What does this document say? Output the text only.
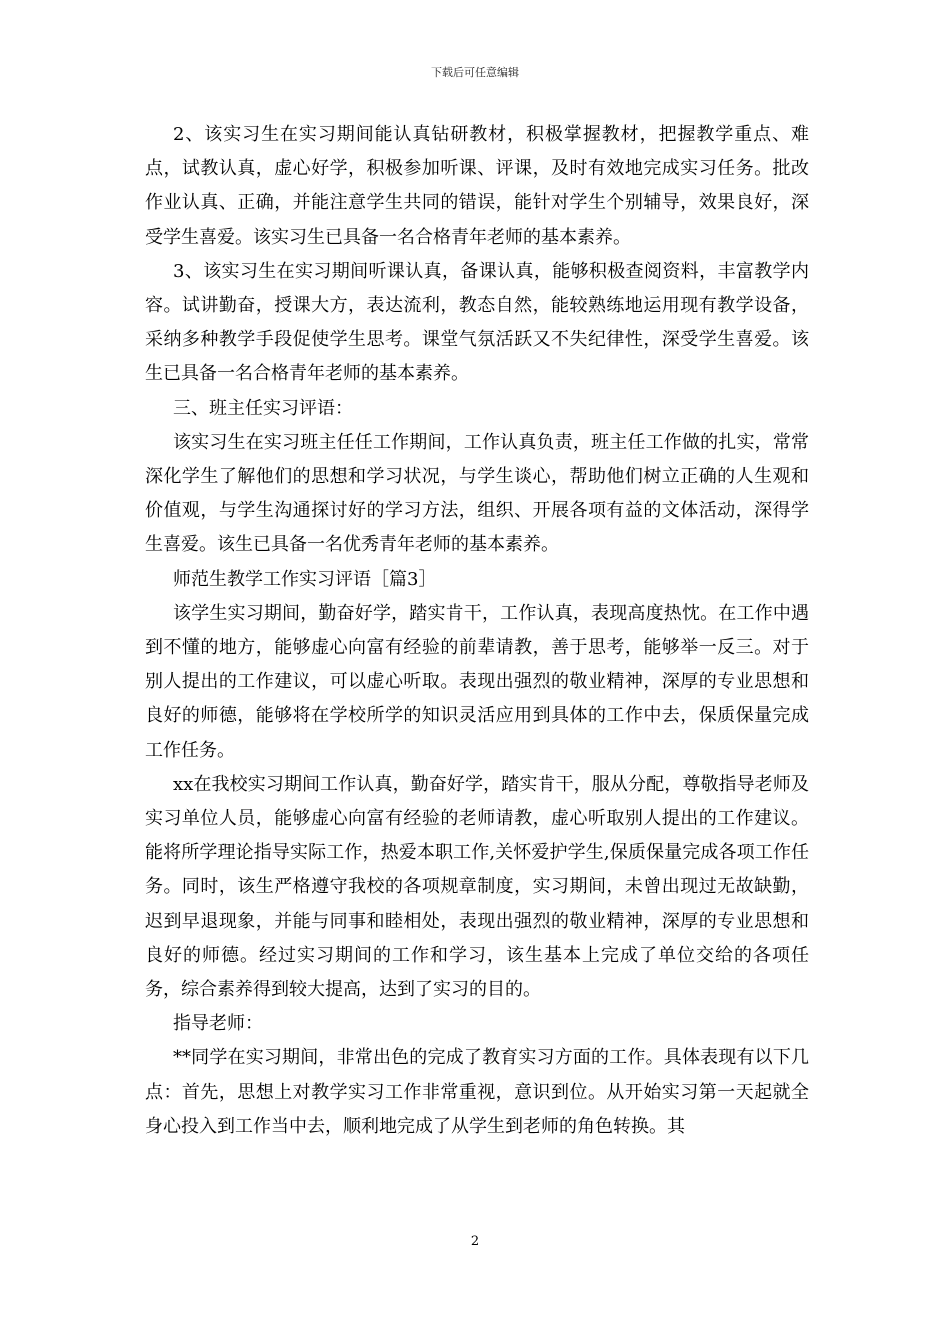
下载后可任意编辑

2、该实习生在实习期间能认真钻研教材，积极掌握教材，把握教学重点、难点，试教认真，虚心好学，积极参加听课、评课，及时有效地完成实习任务。批改作业认真、正确，并能注意学生共同的错误，能针对学生个别辅导，效果良好，深受学生喜爱。该实习生已具备一名合格青年老师的基本素养。

3、该实习生在实习期间听课认真，备课认真，能够积极查阅资料，丰富教学内容。试讲勤奋，授课大方，表达流利，教态自然，能较熟练地运用现有教学设备，采纳多种教学手段促使学生思考。课堂气氛活跃又不失纪律性，深受学生喜爱。该生已具备一名合格青年老师的基本素养。

三、班主任实习评语：

该实习生在实习班主任任工作期间，工作认真负责，班主任工作做的扎实，常常深化学生了解他们的思想和学习状况，与学生谈心，帮助他们树立正确的人生观和价值观，与学生沟通探讨好的学习方法，组织、开展各项有益的文体活动，深得学生喜爱。该生已具备一名优秀青年老师的基本素养。

师范生教学工作实习评语［篇3］

该学生实习期间，勤奋好学，踏实肯干，工作认真，表现高度热忱。在工作中遇到不懂的地方，能够虚心向富有经验的前辈请教，善于思考，能够举一反三。对于别人提出的工作建议，可以虚心听取。表现出强烈的敬业精神，深厚的专业思想和良好的师德，能够将在学校所学的知识灵活应用到具体的工作中去，保质保量完成工作任务。

xx在我校实习期间工作认真，勤奋好学，踏实肯干，服从分配，尊敬指导老师及实习单位人员，能够虚心向富有经验的老师请教，虚心听取别人提出的工作建议。能将所学理论指导实际工作，热爱本职工作,关怀爱护学生,保质保量完成各项工作任务。同时，该生严格遵守我校的各项规章制度，实习期间，未曾出现过无故缺勤，迟到早退现象，并能与同事和睦相处，表现出强烈的敬业精神，深厚的专业思想和良好的师德。经过实习期间的工作和学习，该生基本上完成了单位交给的各项任务，综合素养得到较大提高，达到了实习的目的。

指导老师：

**同学在实习期间，非常出色的完成了教育实习方面的工作。具体表现有以下几点：首先，思想上对教学实习工作非常重视，意识到位。从开始实习第一天起就全身心投入到工作当中去，顺利地完成了从学生到老师的角色转换。其

2
